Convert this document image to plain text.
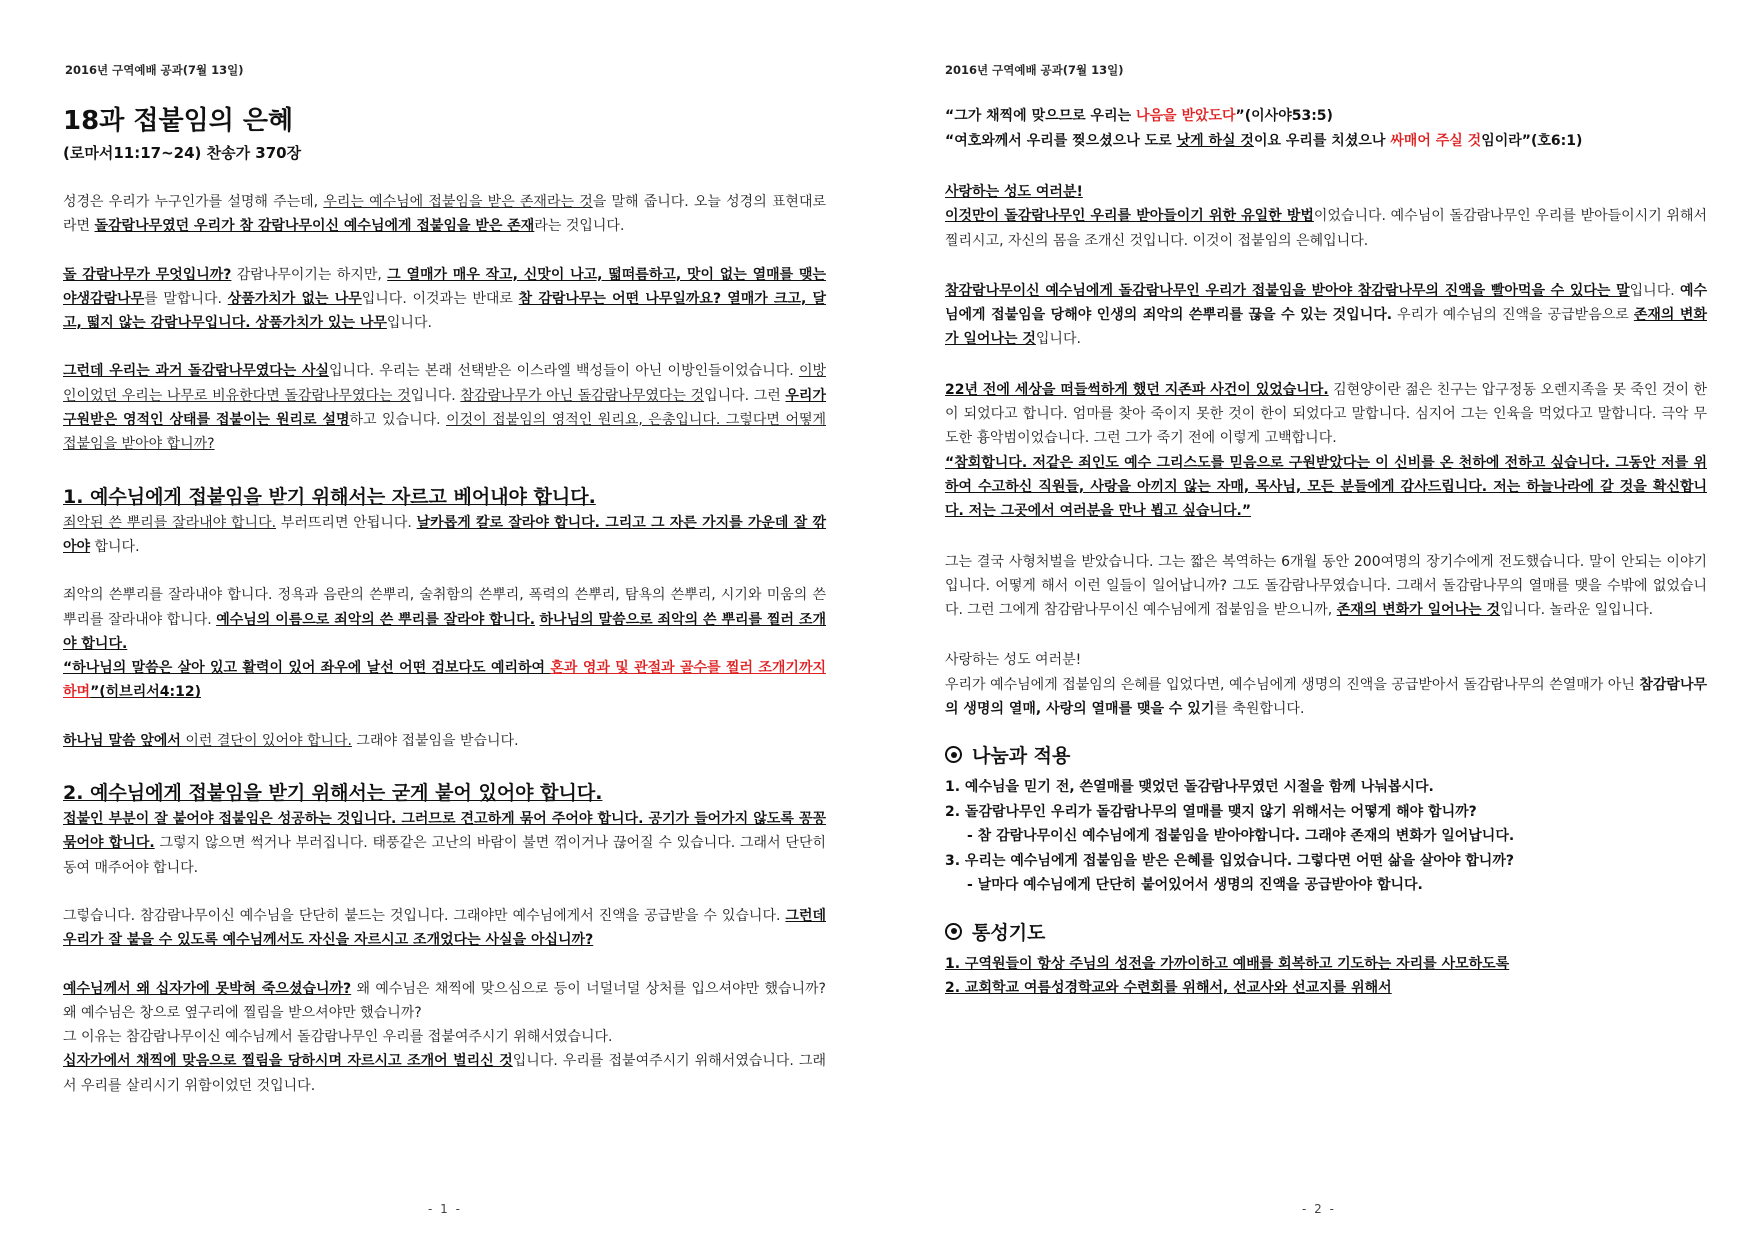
2016년 구역예배 공과(7월 13일)
18과 접붙임의 은혜
(로마서11:17~24) 찬송가 370장

성경은 우리가 누구인가를 설명해 주는데, 우리는 예수님에 접붙임을 받은 존재라는 것을 말해 줍니다. 오늘 성경의 표현대로라면 돌감람나무였던 우리가 참 감람나무이신 예수님에게 접붙임을 받은 존재라는 것입니다.

돌 감람나무가 무엇입니까? 감람나무이기는 하지만, 그 열매가 매우 작고, 신맛이 나고, 떫떠름하고, 맛이 없는 열매를 맺는 야생감람나무를 말합니다. 상품가치가 없는 나무입니다. 이것과는 반대로 참 감람나무는 어떤 나무일까요? 열매가 크고, 달고, 떫지 않는 감람나무입니다. 상품가치가 있는 나무입니다.

그런데 우리는 과거 돌감람나무였다는 사실입니다. 우리는 본래 선택받은 이스라엘 백성들이 아닌 이방인들이었습니다. 이방인이었던 우리는 나무로 비유한다면 돌감람나무였다는 것입니다. 참감람나무가 아닌 돌감람나무였다는 것입니다. 그런 우리가 구원받은 영적인 상태를 접붙이는 원리로 설명하고 있습니다. 이것이 접붙임의 영적인 원리요, 은총입니다. 그렇다면 어떻게 접붙임을 받아야 합니까?

1. 예수님에게 접붙임을 받기 위해서는 자르고 베어내야 합니다.

죄악된 쓴 뿌리를 잘라내야 합니다. 부러뜨리면 안됩니다. 날카롭게 칼로 잘라야 합니다. 그리고 그 자른 가지를 가운데 잘 깎아야 합니다.

죄악의 쓴뿌리를 잘라내야 합니다. 정욕과 음란의 쓴뿌리, 술취함의 쓴뿌리, 폭력의 쓴뿌리, 탐욕의 쓴뿌리, 시기와 미움의 쓴뿌리를 잘라내야 합니다. 예수님의 이름으로 죄악의 쓴 뿌리를 잘라야 합니다. 하나님의 말씀으로 죄악의 쓴 뿌리를 찔러 조개야 합니다.

“하나님의 말씀은 살아 있고 활력이 있어 좌우에 날선 어떤 검보다도 예리하여 혼과 영과 및 관절과 골수를 찔러 조개기까지 하며”(히브리서4:12)

하나님 말씀 앞에서 이런 결단이 있어야 합니다. 그래야 접붙임을 받습니다.

2. 예수님에게 접붙임을 받기 위해서는 굳게 붙어 있어야 합니다.

접붙인 부분이 잘 붙어야 접붙임은 성공하는 것입니다. 그러므로 견고하게 묶어 주어야 합니다. 공기가 들어가지 않도록 꽁꽁 묶어야 합니다. 그렇지 않으면 썩거나 부러집니다. 태풍같은 고난의 바람이 불면 꺾이거나 끊어질 수 있습니다. 그래서 단단히 동여 매주어야 합니다.

그렇습니다. 참감람나무이신 예수님을 단단히 붙드는 것입니다. 그래야만 예수님에게서 진액을 공급받을 수 있습니다. 그런데 우리가 잘 붙을 수 있도록 예수님께서도 자신을 자르시고 조개었다는 사실을 아십니까?

예수님께서 왜 십자가에 못박혀 죽으셨습니까? 왜 예수님은 채찍에 맞으심으로 등이 너덜너덜 상처를 입으셔야만 했습니까? 왜 예수님은 창으로 옆구리에 찔림을 받으셔야만 했습니까?

그 이유는 참감람나무이신 예수님께서 돌감람나무인 우리를 접붙여주시기 위해서였습니다.

십자가에서 채찍에 맞음으로 찔림을 당하시며 자르시고 조개어 벌리신 것입니다. 우리를 접붙여주시기 위해서였습니다. 그래서 우리를 살리시기 위함이었던 것입니다.

- 1 -
2016년 구역예배 공과(7월 13일)

“그가 채찍에 맞으므로 우리는 나음을 받았도다”(이사야53:5)

“여호와께서 우리를 찢으셨으나 도로 낫게 하실 것이요 우리를 치셨으나 싸매어 주실 것임이라”(호6:1)

사랑하는 성도 여러분!

이것만이 돌감람나무인 우리를 받아들이기 위한 유일한 방법이었습니다. 예수님이 돌감람나무인 우리를 받아들이시기 위해서 찔리시고, 자신의 몸을 조개신 것입니다. 이것이 접붙임의 은혜입니다.

참감람나무이신 예수님에게 돌감람나무인 우리가 접붙임을 받아야 참감람나무의 진액을 빨아먹을 수 있다는 말입니다. 예수님에게 접붙임을 당해야 인생의 죄악의 쓴뿌리를 끊을 수 있는 것입니다. 우리가 예수님의 진액을 공급받음으로 존재의 변화가 일어나는 것입니다.

22년 전에 세상을 떠들썩하게 했던 지존파 사건이 있었습니다. 김현양이란 젊은 친구는 압구정동 오렌지족을 못 죽인 것이 한이 되었다고 합니다. 엄마를 찾아 죽이지 못한 것이 한이 되었다고 말합니다. 심지어 그는 인육을 먹었다고 말합니다. 극악 무도한 흉악범이었습니다. 그런 그가 죽기 전에 이렇게 고백합니다.

“참회합니다. 저같은 죄인도 예수 그리스도를 믿음으로 구원받았다는 이 신비를 온 천하에 전하고 싶습니다. 그동안 저를 위하여 수고하신 직원들, 사랑을 아끼지 않는 자매, 목사님, 모든 분들에게 감사드립니다. 저는 하늘나라에 갈 것을 확신합니다. 저는 그곳에서 여러분을 만나 뵙고 싶습니다.”

그는 결국 사형처벌을 받았습니다. 그는 짧은 복역하는 6개월 동안 200여명의 장기수에게 전도했습니다. 말이 안되는 이야기입니다. 어떻게 해서 이런 일들이 일어납니까? 그도 돌감람나무였습니다. 그래서 돌감람나무의 열매를 맺을 수밖에 없었습니다. 그런 그에게 참감람나무이신 예수님에게 접붙임을 받으니까, 존재의 변화가 일어나는 것입니다. 놀라운 일입니다.

사랑하는 성도 여러분!

우리가 예수님에게 접붙임의 은혜를 입었다면, 예수님에게 생명의 진액을 공급받아서 돌감람나무의 쓴열매가 아닌 참감람나무의 생명의 열매, 사랑의 열매를 맺을 수 있기를 축원합니다.

나눔과 적용
1. 예수님을 믿기 전, 쓴열매를 맺었던 돌감람나무였던 시절을 함께 나눠봅시다.
2. 돌감람나무인 우리가 돌감람나무의 열매를 맺지 않기 위해서는 어떻게 해야 합니까?
- 참 감람나무이신 예수님에게 접붙임을 받아야합니다. 그래야 존재의 변화가 일어납니다.
3. 우리는 예수님에게 접붙임을 받은 은혜를 입었습니다. 그렇다면 어떤 삶을 살아야 합니까?
- 날마다 예수님에게 단단히 붙어있어서 생명의 진액을 공급받아야 합니다.
통성기도
1. 구역원들이 항상 주님의 성전을 가까이하고 예배를 회복하고 기도하는 자리를 사모하도록
2. 교회학교 여름성경학교와 수련회를 위해서, 선교사와 선교지를 위해서
- 2 -
